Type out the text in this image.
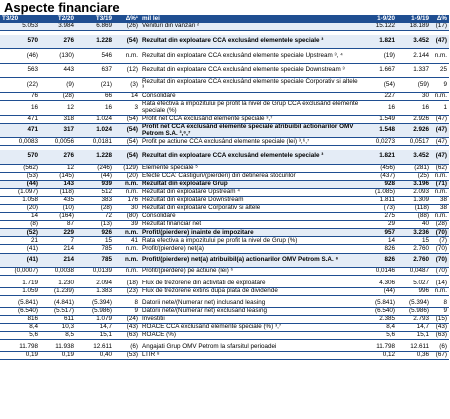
Aspecte financiare
T3/20	T2/20	T3/19	Δ%¹	mil lei	1-9/20	1-9/19	Δ%
5.053	3.984	6.869	(26)	Venituri din vanzari ²	15.122	18.189	(17)

570	276	1.228	(54)	Rezultat din exploatare CCA exclusând elementele speciale ³	1.821	3.452	(47)
(46)	(130)	546	n.m.	Rezultat din exploatare CCA exclusând elemente speciale Upstream ³, ⁴	(19)	2.144	n.m.
563	443	637	(12)	Rezultat din exploatare CCA exclusând elemente speciale Downstream ³	1.667	1.337	25
(22)	(9)	(21)	(3)	Rezultat din exploatare CCA exclusând elemente speciale Corporativ si altele ³	(54)	(59)	9
76	(28)	66	14	Consolidare	227	30	n.m.
16	12	16	3	Rata efectiva a impozitului pe profit la nivel de Grup CCA exclusând elemente speciale (%)	16	16	1
471	318	1.024	(54)	Profit net CCA exclusând elemente speciale ³,⁷	1.549	2.926	(47)
471	317	1.024	(54)	Profit net CCA exclusând elemente speciale atribuibil actionarilor OMV Petrom S.A. ³,⁶,⁷	1.548	2.926	(47)
0,0083	0,0056	0,0181	(54)	Profit pe actiune CCA exclusând elemente speciale (lei) ³,⁶,⁷	0,0273	0,0517	(47)

570	276	1.228	(54)	Rezultat din exploatare CCA exclusând elementele speciale ³	1.821	3.452	(47)
(562)	12	(246)	(129)	Elemente speciale ⁵	(456)	(281)	(62)
(53)	(145)	(44)	(20)	Efecte CCA: Castiguri/(pierderi) din detinerea stocurilor	(437)	(25)	n.m.
(44)	143	939	n.m.	Rezultat din exploatare Grup	928	3.196	(71)
(1.097)	(118)	512	n.m.	Rezultat din exploatare Upstream ⁴	(1.085)	2.093	n.m.
1.058	435	383	176	Rezultat din exploatare Downstream	1.811	1.309	38
(20)	(10)	(28)	30	Rezultat din exploatare Corporativ si altele	(73)	(118)	38
14	(164)	72	(80)	Consolidare	275	(88)	n.m.
(8)	87	(13)	39	Rezultat financiar net	29	40	(28)
(52)	229	926	n.m.	Profit/(pierdere) inainte de impozitare	957	3.236	(70)
21	7	15	41	Rata efectiva a impozitului pe profit la nivel de Grup (%)	14	15	(7)
(41)	214	785	n.m.	Profit/(pierdere) net(a)	826	2.760	(70)
(41)	214	785	n.m.	Profit/(pierdere) net(a) atribuibil(a) actionarilor OMV Petrom S.A. ⁶	826	2.760	(70)
(0,0007)	0,0038	0,0139	n.m.	Profit/(pierdere) pe actiune (lei) ⁶	0,0146	0,0487	(70)

1.719	1.230	2.094	(18)	Flux de trezorerie din activitati de exploatare	4.306	5.027	(14)
1.059	(1.239)	1.383	(23)	Flux de trezorerie extins după plata de dividende	(44)	996	n.m.

(5.841)	(4.841)	(5.394)	8	Datorii nete/(Numerar net) inclusand leasing	(5.841)	(5.394)	8
(6.540)	(5.517)	(5.986)	9	Datorii nete/(Numerar net) exclusand leasing	(6.540)	(5.986)	9
816	611	1.079	(24)	Investitii	2.385	2.793	(15)
8,4	10,3	14,7	(43)	ROACE CCA exclusând elemente speciale (%) ³,⁷	8,4	14,7	(43)
5,6	8,5	15,1	(63)	ROACE (%)	5,6	15,1	(63)

11.798	11.938	12.611	(6)	Angajati Grup OMV Petrom la sfarsitul perioadei	11.798	12.611	(6)
0,19	0,19	0,40	(53)	LTIR ⁸	0,12	0,36	(67)
